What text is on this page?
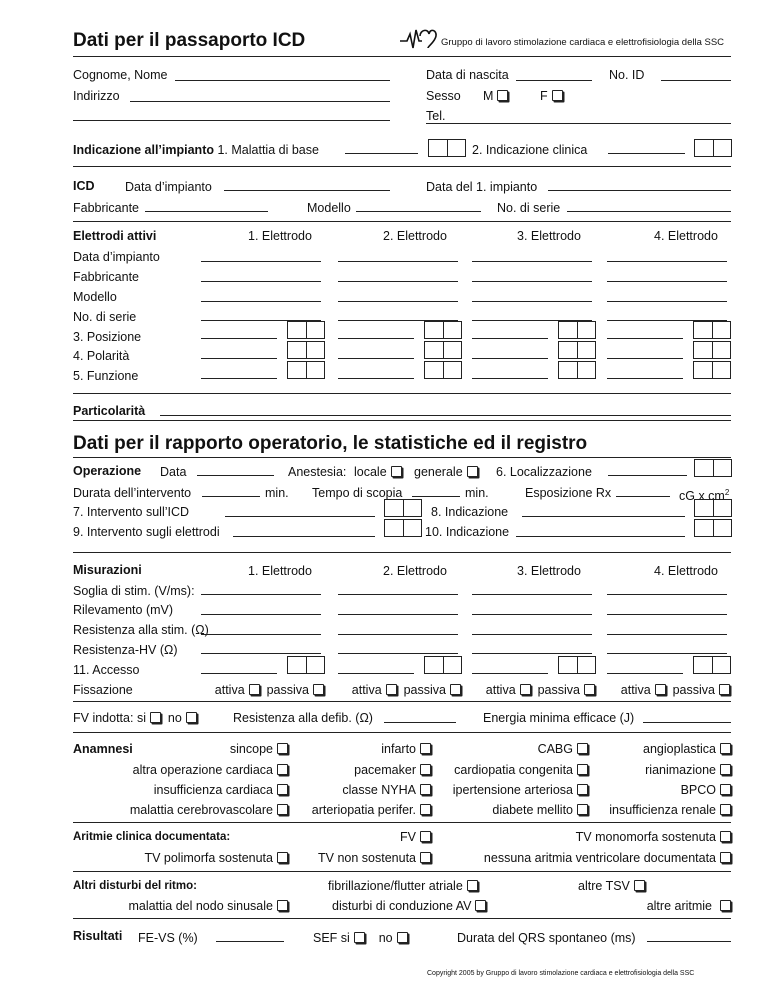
Dati per il passaporto ICD	Gruppo di lavoro stimolazione cardiaca e elettrofisiologia della SSC
Cognome, Nome	Data di nascita	No. ID
Indirizzo	Sesso M	F
Tel.
Indicazione all’impianto 1. Malattia di base	2. Indicazione clinica
ICD Data d’impianto	Data del 1. impianto
Fabbricante	Modello	No. di serie
Elettrodi attivi	1. Elettrodo	2. Elettrodo	3. Elettrodo	4. Elettrodo
Data d’impianto
Fabbricante
Modello
No. di serie
3. Posizione
4. Polarità
5. Funzione
Particolarità
Dati per il rapporto operatorio, le statistiche ed il registro
Operazione Data	Anestesia: locale	generale	6. Localizzazione
Durata dell’intervento	min. Tempo di scopia	min.	Esposizione Rx	cG x $cm^2$
7. Intervento sull’ICD	8. Indicazione
9. Intervento sugli elettrodi	10. Indicazione
Misurazioni	1. Elettrodo	2. Elettrodo	3. Elettrodo	4. Elettrodo
Soglia di stim. (V/ms):
Rilevamento (mV)
Resistenza alla stim. (Ω)
Resistenza-HV (Ω)
11. Accesso
Fissazione	attiva passiva	attiva passiva	attiva passiva	attiva passiva
FV indotta: si no	Resistenza alla defib. (Ω)	Energia minima efficace (J)
Anamnesi	sincope	infarto	CABG	angioplastica
altra operazione cardiaca	pacemaker	cardiopatia congenita	rianimazione
insufficienza cardiaca	classe NYHA	ipertensione arteriosa	BPCO
malattia cerebrovascolare	arteriopatia perifer.	diabete mellito	insufficienza renale
Aritmie clinica documentata:	FV	TV monomorfa sostenuta
TV polimorfa sostenuta	TV non sostenuta	nessuna aritmia ventricolare documentata
Altri disturbi del ritmo:	fibrillazione/flutter atriale	altre TSV
malattia del nodo sinusale	disturbi di conduzione AV	altre aritmie
Risultati FE-VS (%)	SEF si no	Durata del QRS spontaneo (ms)
Copyright 2005 by Gruppo di lavoro stimolazione cardiaca e elettrofisiologia della SSC
